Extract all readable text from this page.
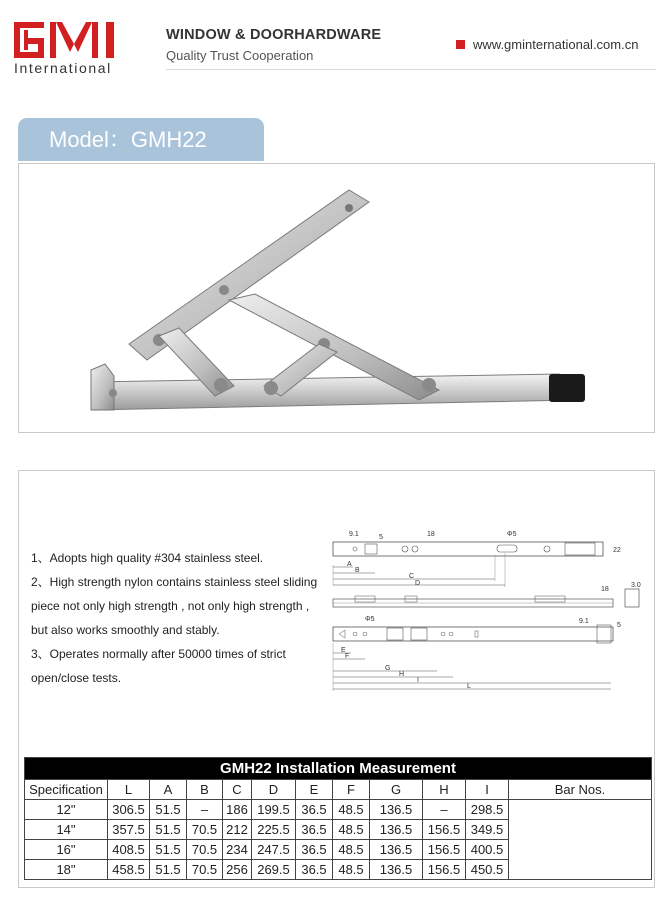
International
WINDOW & DOORHARDWARE
Quality Trust Cooperation
www.gminternational.com.cn
Model：GMH22
1、Adopts high quality #304 stainless steel.
2、High strength nylon contains stainless steel sliding
piece not only high strength , not only high strength ,
but also works smoothly and stably.
3、Operates normally after 50000 times of strict
open/close tests.
9.1	5	18	Φ5
22
A
B
C
D
18
3.0
Φ5	9.1
5
E
F
G
H
I
L
GMH22 Installation Measurement											
Specification	L	A	B	C	D	E	F	G	H	I	Bar Nos.
12"	306.5	51.5	–	186	199.5	36.5	48.5	136.5	–	298.5	
14"	357.5	51.5	70.5	212	225.5	36.5	48.5	136.5	156.5	349.5	
16"	408.5	51.5	70.5	234	247.5	36.5	48.5	136.5	156.5	400.5	
18"	458.5	51.5	70.5	256	269.5	36.5	48.5	136.5	156.5	450.5	
